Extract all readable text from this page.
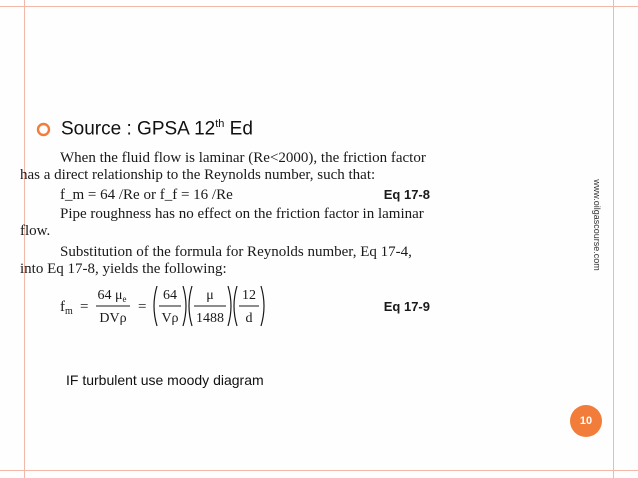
Source : GPSA 12th Ed

When the fluid flow is laminar (Re<2000), the friction factor

has a direct relationship to the Reynolds number, such that:

f_m = 64 /Re or f_f = 16 /Re	Eq 17-8

Pipe roughness has no effect on the friction factor in laminar

flow.

Substitution of the formula for Reynolds number, Eq 17-4,

into Eq 17-8, yields the following:

$f_m$ =
64 $\mu_e$
DVρ
=
64
Vρ
μ
1488
12
d
Eq 17-9
IF turbulent use moody diagram
www.oilgascourse.com
10
